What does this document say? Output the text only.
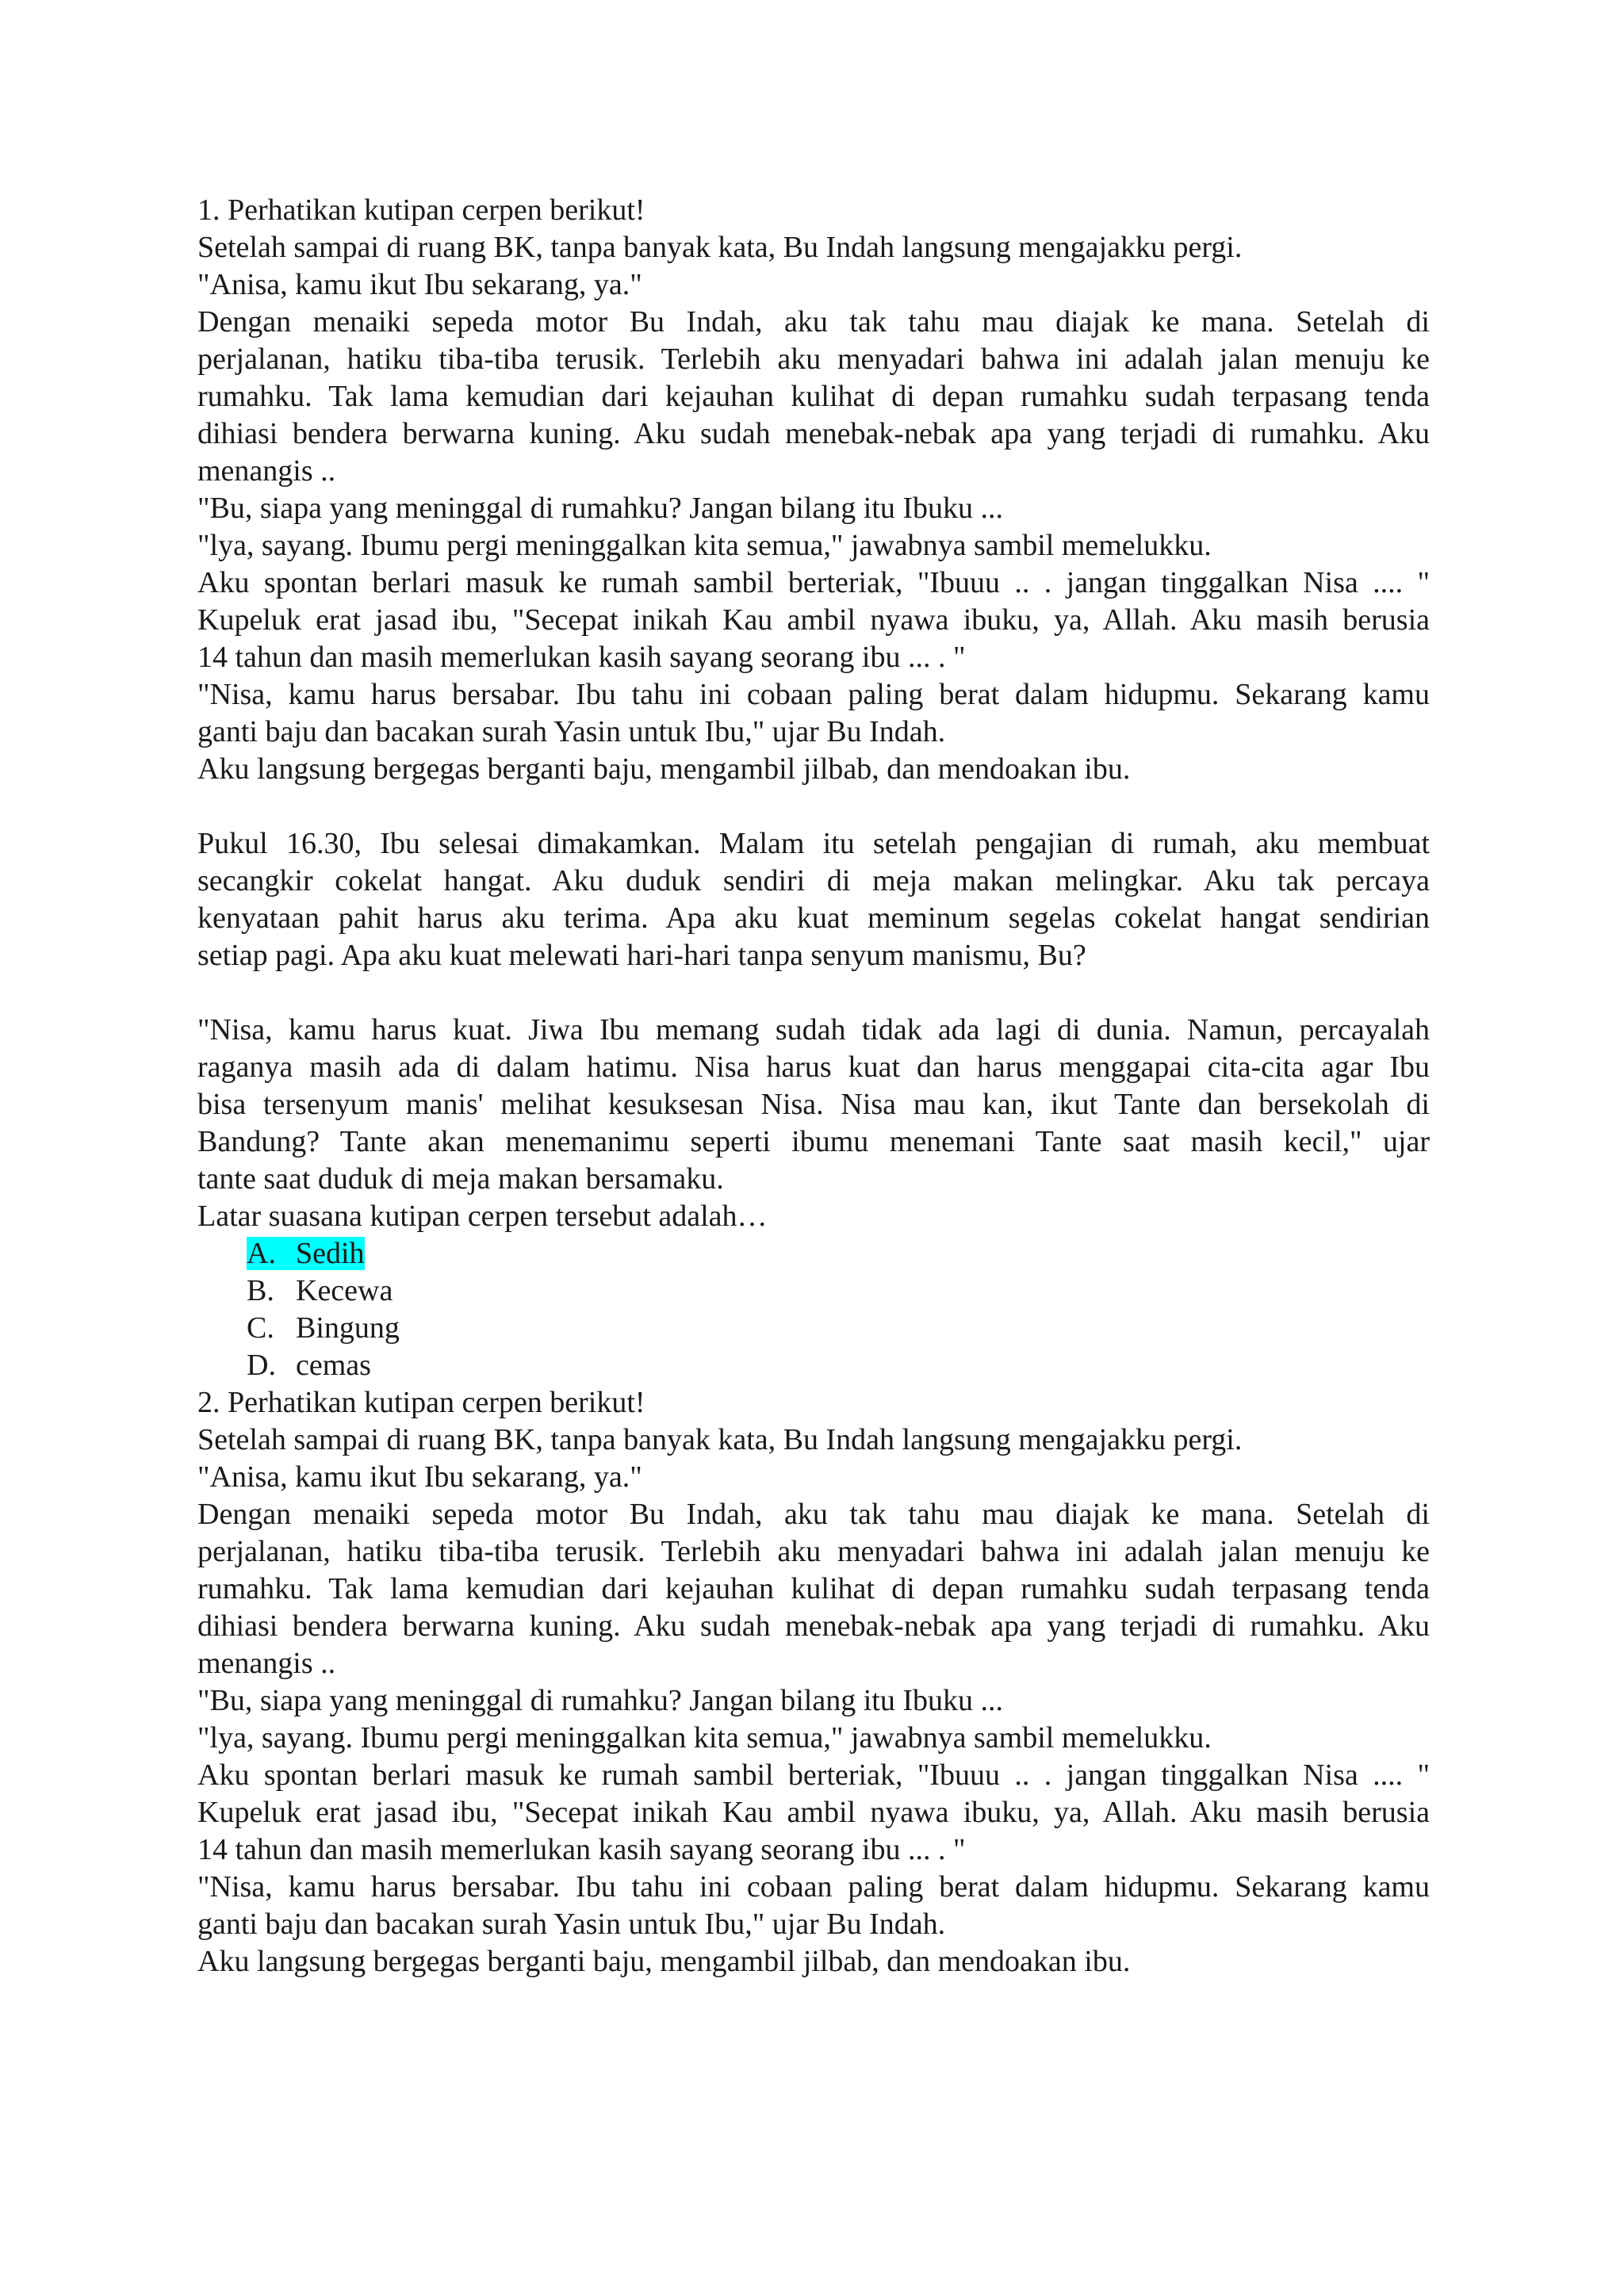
1. Perhatikan kutipan cerpen berikut!
Setelah sampai di ruang BK, tanpa banyak kata, Bu Indah langsung mengajakku pergi.
"Anisa, kamu ikut Ibu sekarang, ya."
Dengan menaiki sepeda motor Bu Indah, aku tak tahu mau diajak ke mana. Setelah di
perjalanan, hatiku tiba-tiba terusik. Terlebih aku menyadari bahwa ini adalah jalan menuju ke
rumahku. Tak lama kemudian dari kejauhan kulihat di depan rumahku sudah terpasang tenda
dihiasi bendera berwarna kuning. Aku sudah menebak-nebak apa yang terjadi di rumahku. Aku
menangis ..
"Bu, siapa yang meninggal di rumahku? Jangan bilang itu Ibuku ...
"lya, sayang. Ibumu pergi meninggalkan kita semua," jawabnya sambil memelukku.
Aku spontan berlari masuk ke rumah sambil berteriak, "Ibuuu .. . jangan tinggalkan Nisa .... "
Kupeluk erat jasad ibu, "Secepat inikah Kau ambil nyawa ibuku, ya, Allah. Aku masih berusia
14 tahun dan masih memerlukan kasih sayang seorang ibu ... . "
"Nisa, kamu harus bersabar. Ibu tahu ini cobaan paling berat dalam hidupmu. Sekarang kamu
ganti baju dan bacakan surah Yasin untuk Ibu," ujar Bu Indah.
Aku langsung bergegas berganti baju, mengambil jilbab, dan mendoakan ibu.
Pukul 16.30, Ibu selesai dimakamkan. Malam itu setelah pengajian di rumah, aku membuat
secangkir cokelat hangat. Aku duduk sendiri di meja makan melingkar. Aku tak percaya
kenyataan pahit harus aku terima. Apa aku kuat meminum segelas cokelat hangat sendirian
setiap pagi. Apa aku kuat melewati hari-hari tanpa senyum manismu, Bu?
"Nisa, kamu harus kuat. Jiwa Ibu memang sudah tidak ada lagi di dunia. Namun, percayalah
raganya masih ada di dalam hatimu. Nisa harus kuat dan harus menggapai cita-cita agar Ibu
bisa tersenyum manis' melihat kesuksesan Nisa. Nisa mau kan, ikut Tante dan bersekolah di
Bandung? Tante akan menemanimu seperti ibumu menemani Tante saat masih kecil," ujar
tante saat duduk di meja makan bersamaku.
Latar suasana kutipan cerpen tersebut adalah…
A. Sedih
B. Kecewa
C. Bingung
D. cemas
2. Perhatikan kutipan cerpen berikut!
Setelah sampai di ruang BK, tanpa banyak kata, Bu Indah langsung mengajakku pergi.
"Anisa, kamu ikut Ibu sekarang, ya."
Dengan menaiki sepeda motor Bu Indah, aku tak tahu mau diajak ke mana. Setelah di
perjalanan, hatiku tiba-tiba terusik. Terlebih aku menyadari bahwa ini adalah jalan menuju ke
rumahku. Tak lama kemudian dari kejauhan kulihat di depan rumahku sudah terpasang tenda
dihiasi bendera berwarna kuning. Aku sudah menebak-nebak apa yang terjadi di rumahku. Aku
menangis ..
"Bu, siapa yang meninggal di rumahku? Jangan bilang itu Ibuku ...
"lya, sayang. Ibumu pergi meninggalkan kita semua," jawabnya sambil memelukku.
Aku spontan berlari masuk ke rumah sambil berteriak, "Ibuuu .. . jangan tinggalkan Nisa .... "
Kupeluk erat jasad ibu, "Secepat inikah Kau ambil nyawa ibuku, ya, Allah. Aku masih berusia
14 tahun dan masih memerlukan kasih sayang seorang ibu ... . "
"Nisa, kamu harus bersabar. Ibu tahu ini cobaan paling berat dalam hidupmu. Sekarang kamu
ganti baju dan bacakan surah Yasin untuk Ibu," ujar Bu Indah.
Aku langsung bergegas berganti baju, mengambil jilbab, dan mendoakan ibu.
